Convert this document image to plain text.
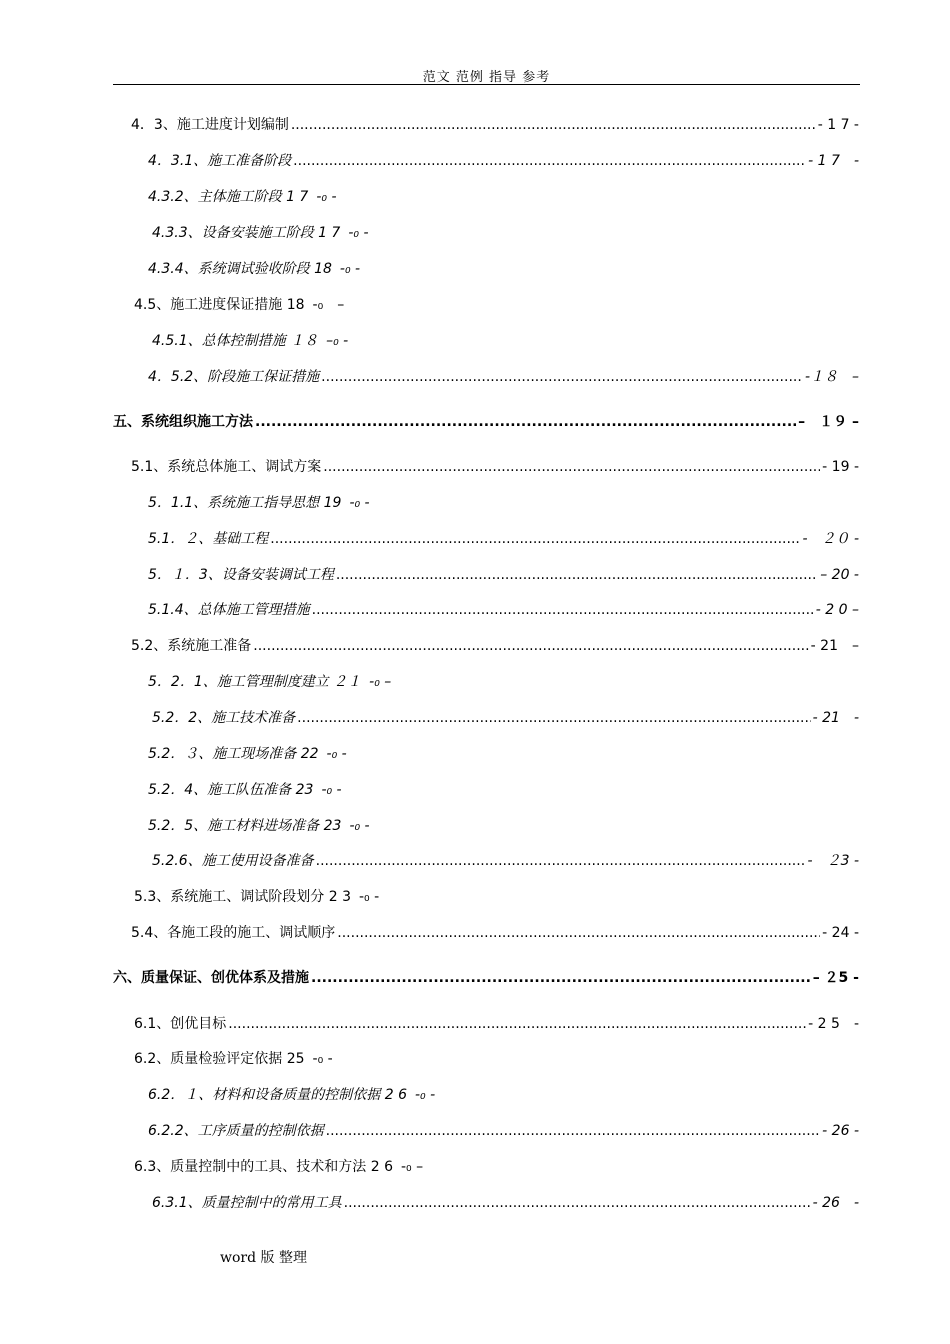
范文 范例 指导 参考
4．3、施工进度计划编制 .....	- 1 7 -
4．3.1、施工准备阶段 .....	- 1 7　-
4.3.2、主体施工阶段 1 7 -₀ -
4.3.3、设备安装施工阶段 1 7 -₀ -
4.3.4、系统调试验收阶段 18 -₀ -
4.5、施工进度保证措施 18 -₀　–
4.5.1、总体控制措施 １８ –₀ -
4．5.2、阶段施工保证措施 .....	-１８　–
五、系统组织施工方法 .....	–　１９ –
5.1、系统总体施工、调试方案 .....	- 19 -
5．1.1、系统施工指导思想 19 -₀ -
5.1．２、基础工程 .....	-　２０ -
5．１．3、设备安装调试工程 .....	– 20 -
5.1.4、总体施工管理措施 .....	- 2 0 –
5.2、系统施工准备 .....	- 21　–
5．2．1、施工管理制度建立 ２１ -₀ –
5.2．2、施工技术准备 .....	- 21　-
5.2．３、施工现场准备 22 -₀ -
5.2．4、施工队伍准备 23 -₀ -
5.2．5、施工材料进场准备 23 -₀ -
5.2.6、施工使用设备准备 .....	-　２3 -
5.3、系统施工、调试阶段划分 2 3 -₀ -
5.4、各施工段的施工、调试顺序 .....	- 24 -
六、质量保证、创优体系及措施 .....	– ２5 -
6.1、创优目标 .....	- 2 5　-
6.2、质量检验评定依据 25 -₀ -
6.2．１、材料和设备质量的控制依据 2 6 -₀ -
6.2.2、工序质量的控制依据 .....	- 26 -
6.3、质量控制中的工具、技术和方法 2 6 -₀ –
6.3.1、质量控制中的常用工具 .....	- 26　-
word 版 整理
